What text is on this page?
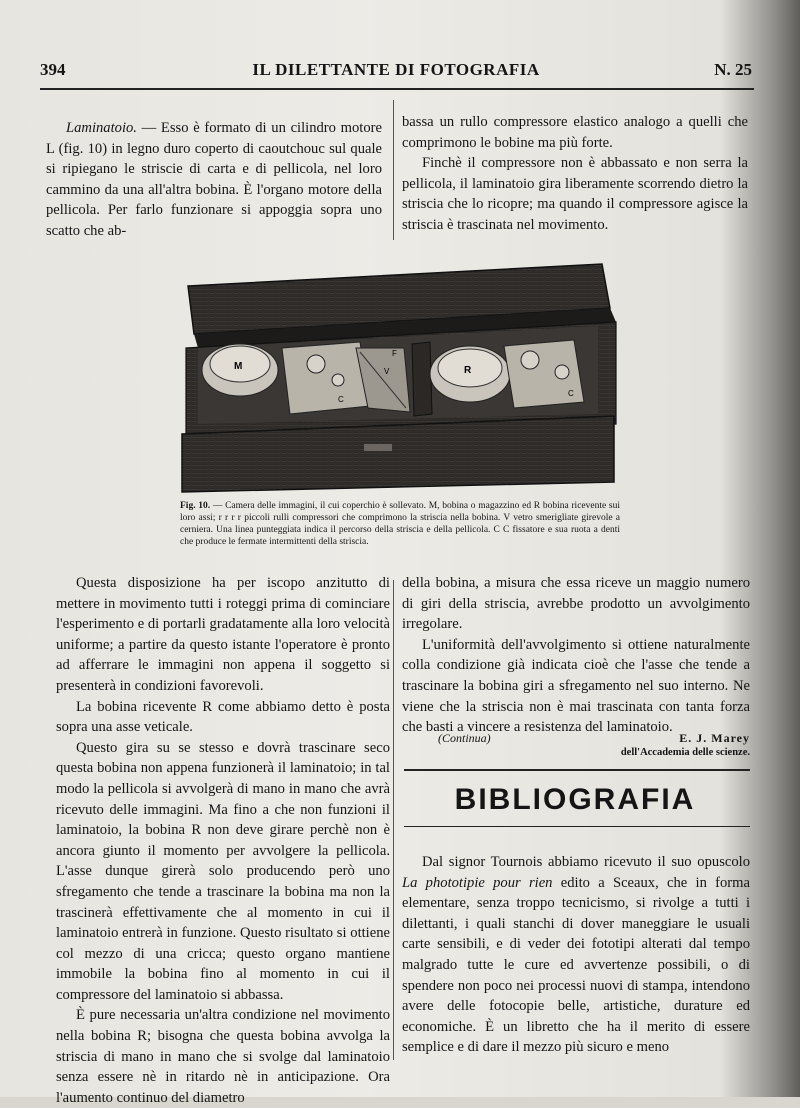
394	IL DILETTANTE DI FOTOGRAFIA	N. 25

Laminatoio. — Esso è formato di un cilindro motore L (fig. 10) in legno duro coperto di caoutchouc sul quale si ripiegano le striscie di carta e di pellicola, nel loro cammino da una all'altra bobina. È l'organo motore della pellicola. Per farlo funzionare si appoggia sopra uno scatto che ab-

bassa un rullo compressore elastico analogo a quelli che comprimono le bobine ma più forte.

Finchè il compressore non è abbassato e non serra la pellicola, il laminatoio gira liberamente scorrendo dietro la striscia che lo ricopre; ma quando il compressore agisce la striscia è trascinata nel movimento.

M
C
V
F
R
C
Fig. 10. — Camera delle immagini, il cui coperchio è sollevato. M, bobina o magazzino ed R bobina ricevente sui loro assi; r r r r piccoli rulli compressori che comprimono la striscia nella bobina. V vetro smerigliate girevole a cerniera. Una linea punteggiata indica il percorso della striscia e della pellicola. C C fissatore e sua ruota a denti che produce le fermate intermittenti della striscia.

Questa disposizione ha per iscopo anzitutto di mettere in movimento tutti i roteggi prima di cominciare l'esperimento e di portarli gradatamente alla loro velocità uniforme; a partire da questo istante l'operatore è pronto ad afferrare le immagini non appena il soggetto si presenterà in condizioni favorevoli.

La bobina ricevente R come abbiamo detto è posta sopra una asse veticale.

Questo gira su se stesso e dovrà trascinare seco questa bobina non appena funzionerà il laminatoio; in tal modo la pellicola si avvolgerà di mano in mano che avrà ricevuto delle immagini. Ma fino a che non funzioni il laminatoio, la bobina R non deve girare perchè non è ancora giunto il momento per avvolgere la pellicola. L'asse dunque girerà solo producendo però uno sfregamento che tende a trascinare la bobina ma non la trascinerà effettivamente che al momento in cui il laminatoio entrerà in funzione. Questo risultato si ottiene col mezzo di una cricca; questo organo mantiene immobile la bobina fino al momento in cui il compressore del laminatoio si abbassa.

È pure necessaria un'altra condizione nel movimento nella bobina R; bisogna che questa bobina avvolga la striscia di mano in mano che si svolge dal laminatoio senza essere nè in ritardo nè in anticipazione. Ora l'aumento continuo del diametro

della bobina, a misura che essa riceve un maggio numero di giri della striscia, avrebbe prodotto un avvolgimento irregolare.

L'uniformità dell'avvolgimento si ottiene naturalmente colla condizione già indicata cioè che l'asse che tende a trascinare la bobina giri a sfregamento nel suo interno. Ne viene che la striscia non è mai trascinata con tanta forza che basti a vincere a resistenza del laminatoio.

(Continua)	E. J. Marey
dell'Accademia delle scienze.
BIBLIOGRAFIA

Dal signor Tournois abbiamo ricevuto il suo opuscolo La phototipie pour rien edito a Sceaux, che in forma elementare, senza troppo tecnicismo, si rivolge a tutti i dilettanti, i quali stanchi di dover maneggiare le usuali carte sensibili, e di veder dei fototipi alterati dal tempo malgrado tutte le cure ed avvertenze possibili, o di spendere non poco nei processi nuovi di stampa, intendono avere delle fotocopie belle, artistiche, durature ed economiche. È un libretto che ha il merito di essere semplice e di dare il mezzo più sicuro e meno
